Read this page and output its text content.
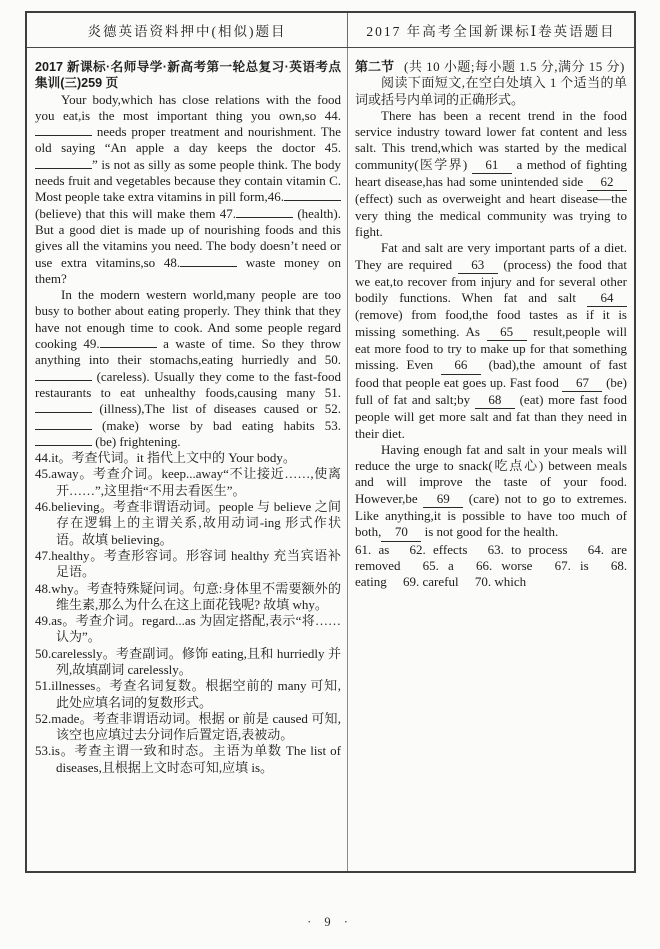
炎德英语资料押中(相似)题目	2017 年高考全国新课标Ⅰ卷英语题目
2017 新课标·名师导学·新高考第一轮总复习·英语考点集训(三)259 页

Your body,which has close relations with the food you eat,is the most important thing you own,so 44. needs proper treatment and nourishment. The old saying “An apple a day keeps the doctor 45.” is not as silly as some people think. The body needs fruit and vegetables because they contain vitamin C. Most people take extra vitamins in pill form,46. (believe) that this will make them 47.	(health). But a good diet is made up of nourishing foods and this gives all the vitamins you need. The body doesn’t need or use extra vitamins,so 48.	waste money on them?

In the modern western world,many people are too busy to bother about eating properly. They think that they have not enough time to cook. And some people regard cooking 49.	a waste of time. So they throw anything into their stomachs,eating hurriedly and 50. (careless). Usually they come to the fast-food restaurants to eat unhealthy foods,causing many 51. (illness),The list of diseases caused or 52. (make) worse by bad eating habits 53. (be) frightening.

44.it。考查代词。it 指代上文中的 Your body。
45.away。考查介词。keep...away“不让接近……,使离开……”,这里指“不用去看医生”。
46.believing。考查非谓语动词。people 与 believe 之间存在逻辑上的主谓关系,故用动词-ing 形式作状语。故填 believing。
47.healthy。考查形容词。形容词 healthy 充当宾语补足语。
48.why。考查特殊疑问词。句意:身体里不需要额外的维生素,那么为什么在这上面花钱呢? 故填 why。
49.as。考查介词。regard...as 为固定搭配,表示“将……认为”。
50.carelessly。考查副词。修饰 eating,且和 hurriedly 并列,故填副词 carelessly。
51.illnesses。考查名词复数。根据空前的 many 可知,此处应填名词的复数形式。
52.made。考查非谓语动词。根据 or 前是 caused 可知,该空也应填过去分词作后置定语,表被动。
53.is。考查主谓一致和时态。主语为单数 The list of diseases,且根据上文时态可知,应填 is。

第二节 (共 10 小题;每小题 1.5 分,满分 15 分)

阅读下面短文,在空白处填入 1 个适当的单词或括号内单词的正确形式。

There has been a recent trend in the food service industry toward lower fat content and less salt. This trend,which was started by the medical community(医学界) 61 a method of fighting heart disease,has had some unintended side 62 (effect) such as overweight and heart disease—the very thing the medical community was trying to fight.

Fat and salt are very important parts of a diet. They are required 63 (process) the food that we eat,to recover from injury and for several other bodily functions. When fat and salt 64 (remove) from food,the food tastes as if it is missing something. As 65 result,people will eat more food to try to make up for that something missing. Even 66 (bad),the amount of fast food that people eat goes up. Fast food 67 (be) full of fat and salt;by 68 (eat) more fast food people will get more salt and fat than they need in their diet.

Having enough fat and salt in your meals will reduce the urge to snack(吃点心) between meals and will improve the taste of your food. However,be 69 (care) not to go to extremes. Like anything,it is possible to have too much of both, 70 is not good for the health.

61. as 62. effects 63. to process 64. are removed 65. a 66. worse 67. is 68. eating 69. careful 70. which

· 9 ·
